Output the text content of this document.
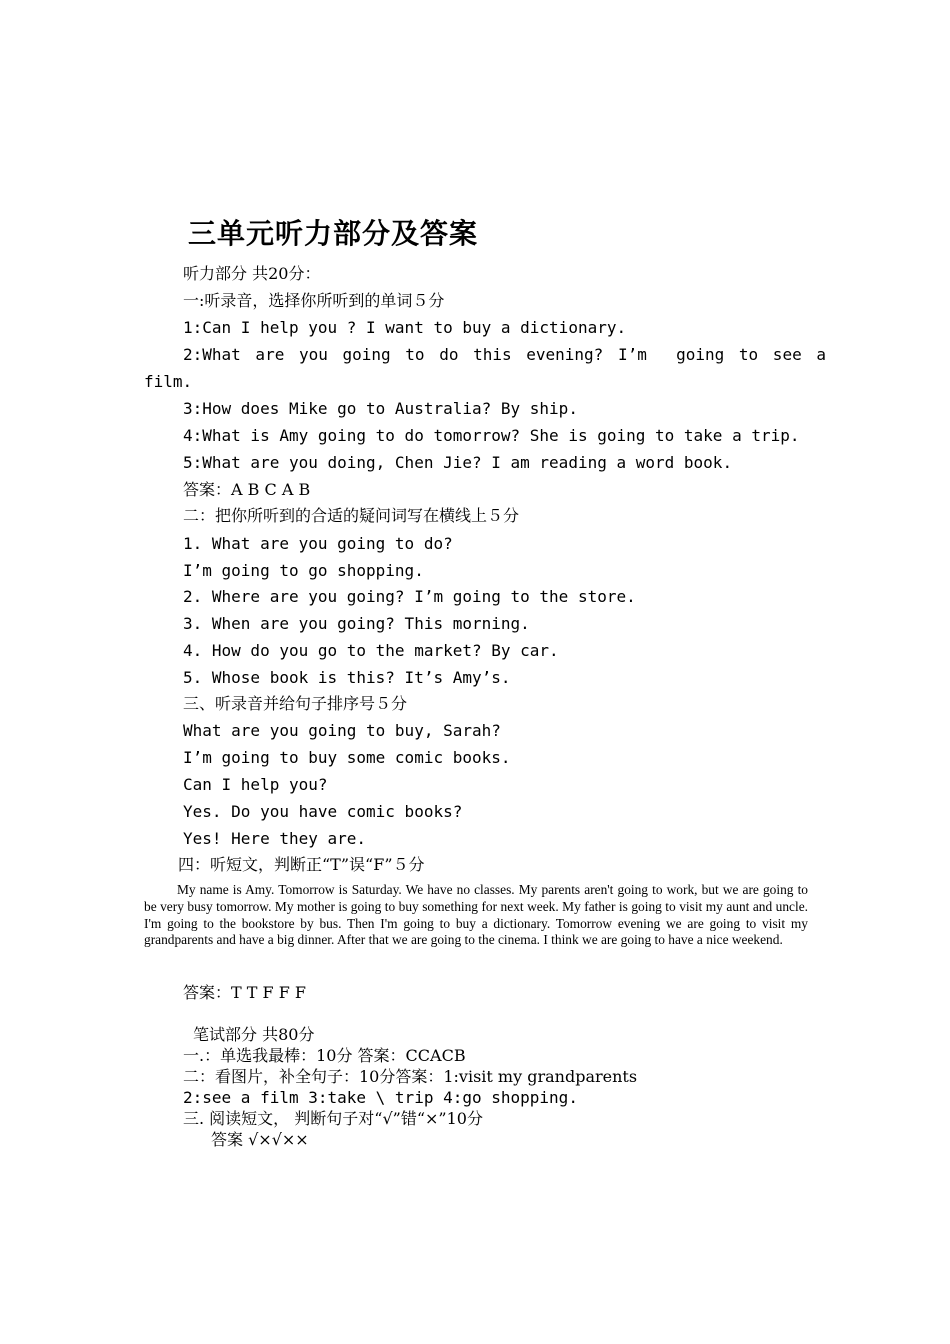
三单元听力部分及答案
听力部分 共20分：
一:听录音，选择你所听到的单词５分
1:Can I help you ? I want to buy a dictionary.
2:What are you going to do this evening? I’m  going to see a
film.
3:How does Mike go to Australia? By ship.
4:What is Amy going to do tomorrow? She is going to take a trip.
5:What are you doing, Chen Jie? I am reading a word book.
答案：A B C A B
二：把你所听到的合适的疑问词写在横线上５分
1. What are you going to do?
I’m going to go shopping.
2. Where are you going? I’m going to the store.
3. When are you going? This morning.
4. How do you go to the market? By car.
5. Whose book is this? It’s Amy’s.
三、听录音并给句子排序号５分
What are you going to buy, Sarah?
I’m going to buy some comic books.
Can I help you?
Yes. Do you have comic books?
Yes! Here they are.
四：听短文，判断正“T”误“F”５分
My name is Amy. Tomorrow is Saturday. We have no classes. My parents aren't going to work, but we are going to be very busy tomorrow. My mother is going to buy something for next week. My father is going to visit my aunt and uncle. I'm going to the bookstore by bus. Then I'm going to buy a dictionary. Tomorrow evening we are going to visit my grandparents and have a big dinner. After that we are going to the cinema. I think we are going to have a nice weekend.
答案：T T F F F
笔试部分 共80分
一.：单选我最棒：10分 答案：CCACB
二：看图片，补全句子：10分答案：1:visit my grandparents
2:see a film 3:take \ trip 4:go shopping.
三. 阅读短文， 判断句子对“√”错“×”10分
答案 √×√××
